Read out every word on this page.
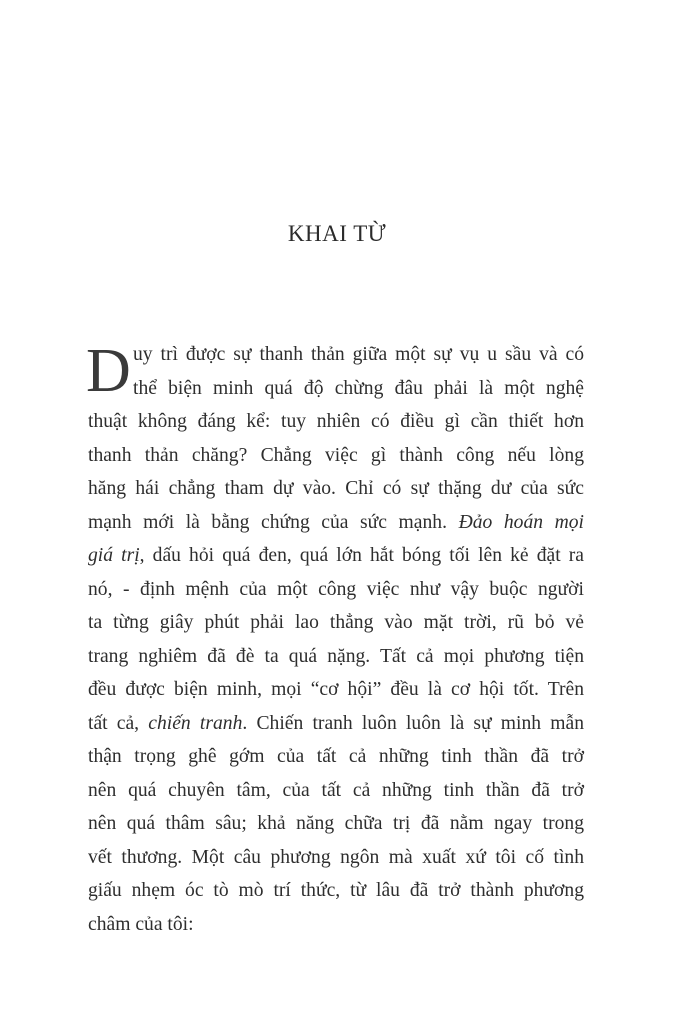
KHAI TỪ
D uy trì được sự thanh thản giữa một sự vụ u sầu và có
thể biện minh quá độ chừng đâu phải là một nghệ
thuật không đáng kể: tuy nhiên có điều gì cần thiết hơn
thanh thản chăng? Chẳng việc gì thành công nếu lòng
hăng hái chẳng tham dự vào. Chỉ có sự thặng dư của sức
mạnh mới là bằng chứng của sức mạnh. Đảo hoán mọi
giá trị, dấu hỏi quá đen, quá lớn hắt bóng tối lên kẻ đặt ra
nó, - định mệnh của một công việc như vậy buộc người
ta từng giây phút phải lao thẳng vào mặt trời, rũ bỏ vẻ
trang nghiêm đã đè ta quá nặng. Tất cả mọi phương tiện
đều được biện minh, mọi “cơ hội” đều là cơ hội tốt. Trên
tất cả, chiến tranh. Chiến tranh luôn luôn là sự minh mẫn
thận trọng ghê gớm của tất cả những tinh thần đã trở
nên quá chuyên tâm, của tất cả những tinh thần đã trở
nên quá thâm sâu; khả năng chữa trị đã nằm ngay trong
vết thương. Một câu phương ngôn mà xuất xứ tôi cố tình
giấu nhẹm óc tò mò trí thức, từ lâu đã trở thành phương
châm của tôi:
